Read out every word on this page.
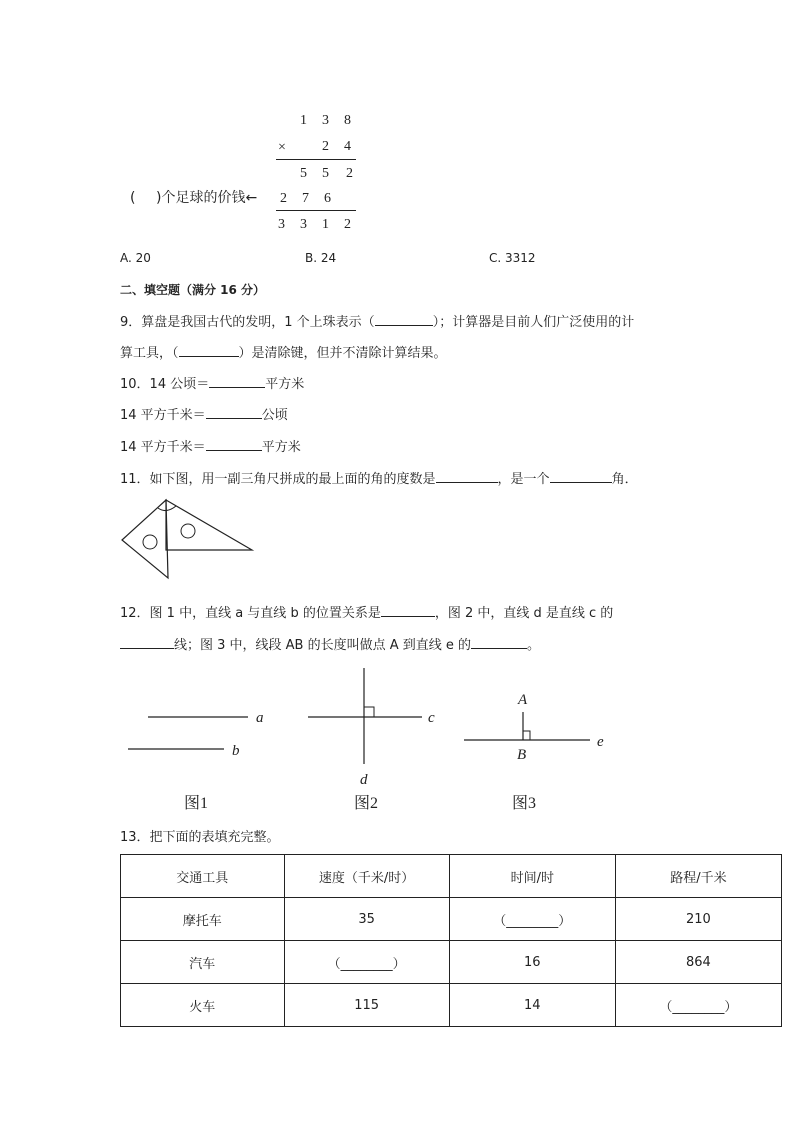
1 3 8
×	2 4
5 5 2
( )个足球的价钱← 2 7 6
3 3 1 2
A. 20	B. 24	C. 3312
二、填空题（满分 16 分）
9．算盘是我国古代的发明，1 个上珠表示（	）；计算器是目前人们广泛使用的计
算工具，（	）是清除键，但并不清除计算结果。
10．14 公顷＝	平方米
14 平方千米＝	公顷
14 平方千米＝	平方米
11．如下图，用一副三角尺拼成的最上面的角的度数是	，是一个	角．
12．图 1 中，直线 a 与直线 b 的位置关系是	，图 2 中，直线 d 是直线 c 的
线；图 3 中，线段 AB 的长度叫做点 A 到直线 e 的	。
a
b
图1
c
d
图2
A
B
e
图3
13．把下面的表填充完整。
交通工具	速度（千米/时）	时间/时	路程/千米
摩托车	35	（________）	210
汽车	（________）	16	864
火车	115	14	（________）
